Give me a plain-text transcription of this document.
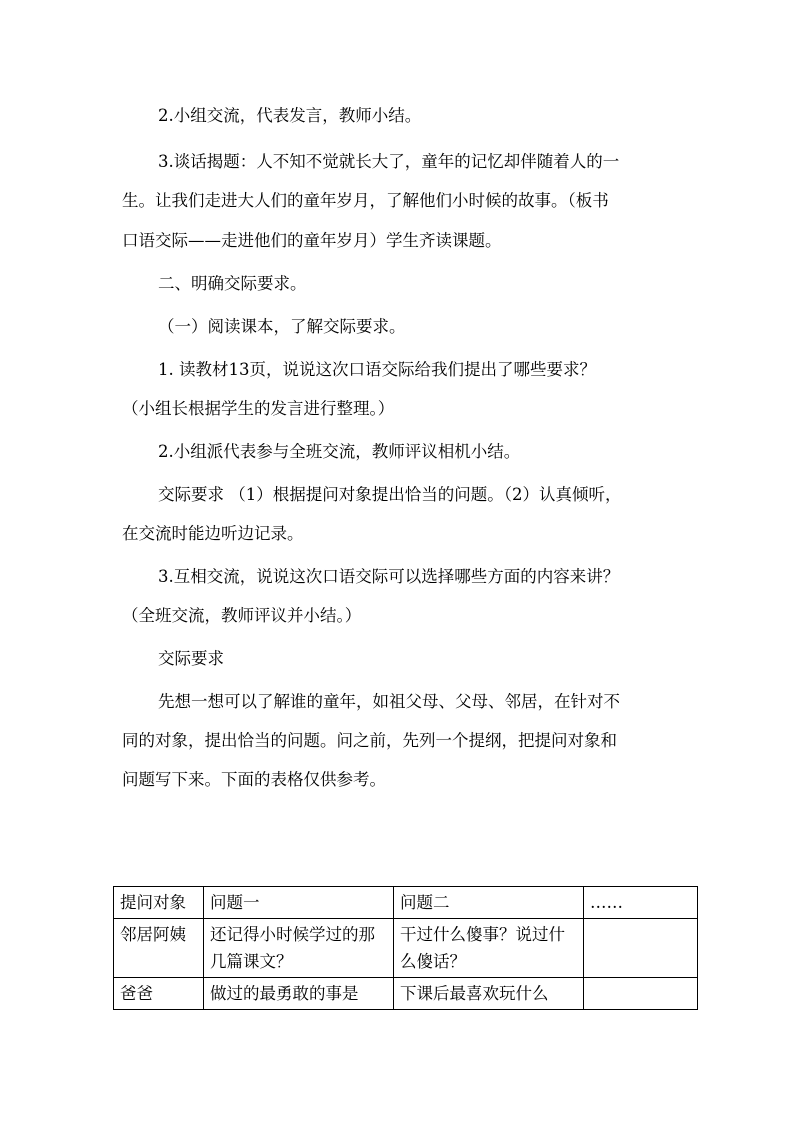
2.小组交流，代表发言，教师小结。

3.谈话揭题：人不知不觉就长大了，童年的记忆却伴随着人的一

生。让我们走进大人们的童年岁月，了解他们小时候的故事。（板书

口语交际——走进他们的童年岁月）学生齐读课题。

二、明确交际要求。

（一）阅读课本，了解交际要求。

1. 读教材13页，说说这次口语交际给我们提出了哪些要求？

（小组长根据学生的发言进行整理。）

2.小组派代表参与全班交流，教师评议相机小结。

交际要求 （1）根据提问对象提出恰当的问题。（2）认真倾听，

在交流时能边听边记录。

3.互相交流，说说这次口语交际可以选择哪些方面的内容来讲？

（全班交流，教师评议并小结。）

交际要求

先想一想可以了解谁的童年，如祖父母、父母、邻居，在针对不

同的对象，提出恰当的问题。问之前，先列一个提纲，把提问对象和

问题写下来。下面的表格仅供参考。

提问对象	问题一	问题二	……
邻居阿姨	还记得小时候学过的那几篇课文？	干过什么傻事？说过什么傻话？	
爸爸	做过的最勇敢的事是	下课后最喜欢玩什么	
